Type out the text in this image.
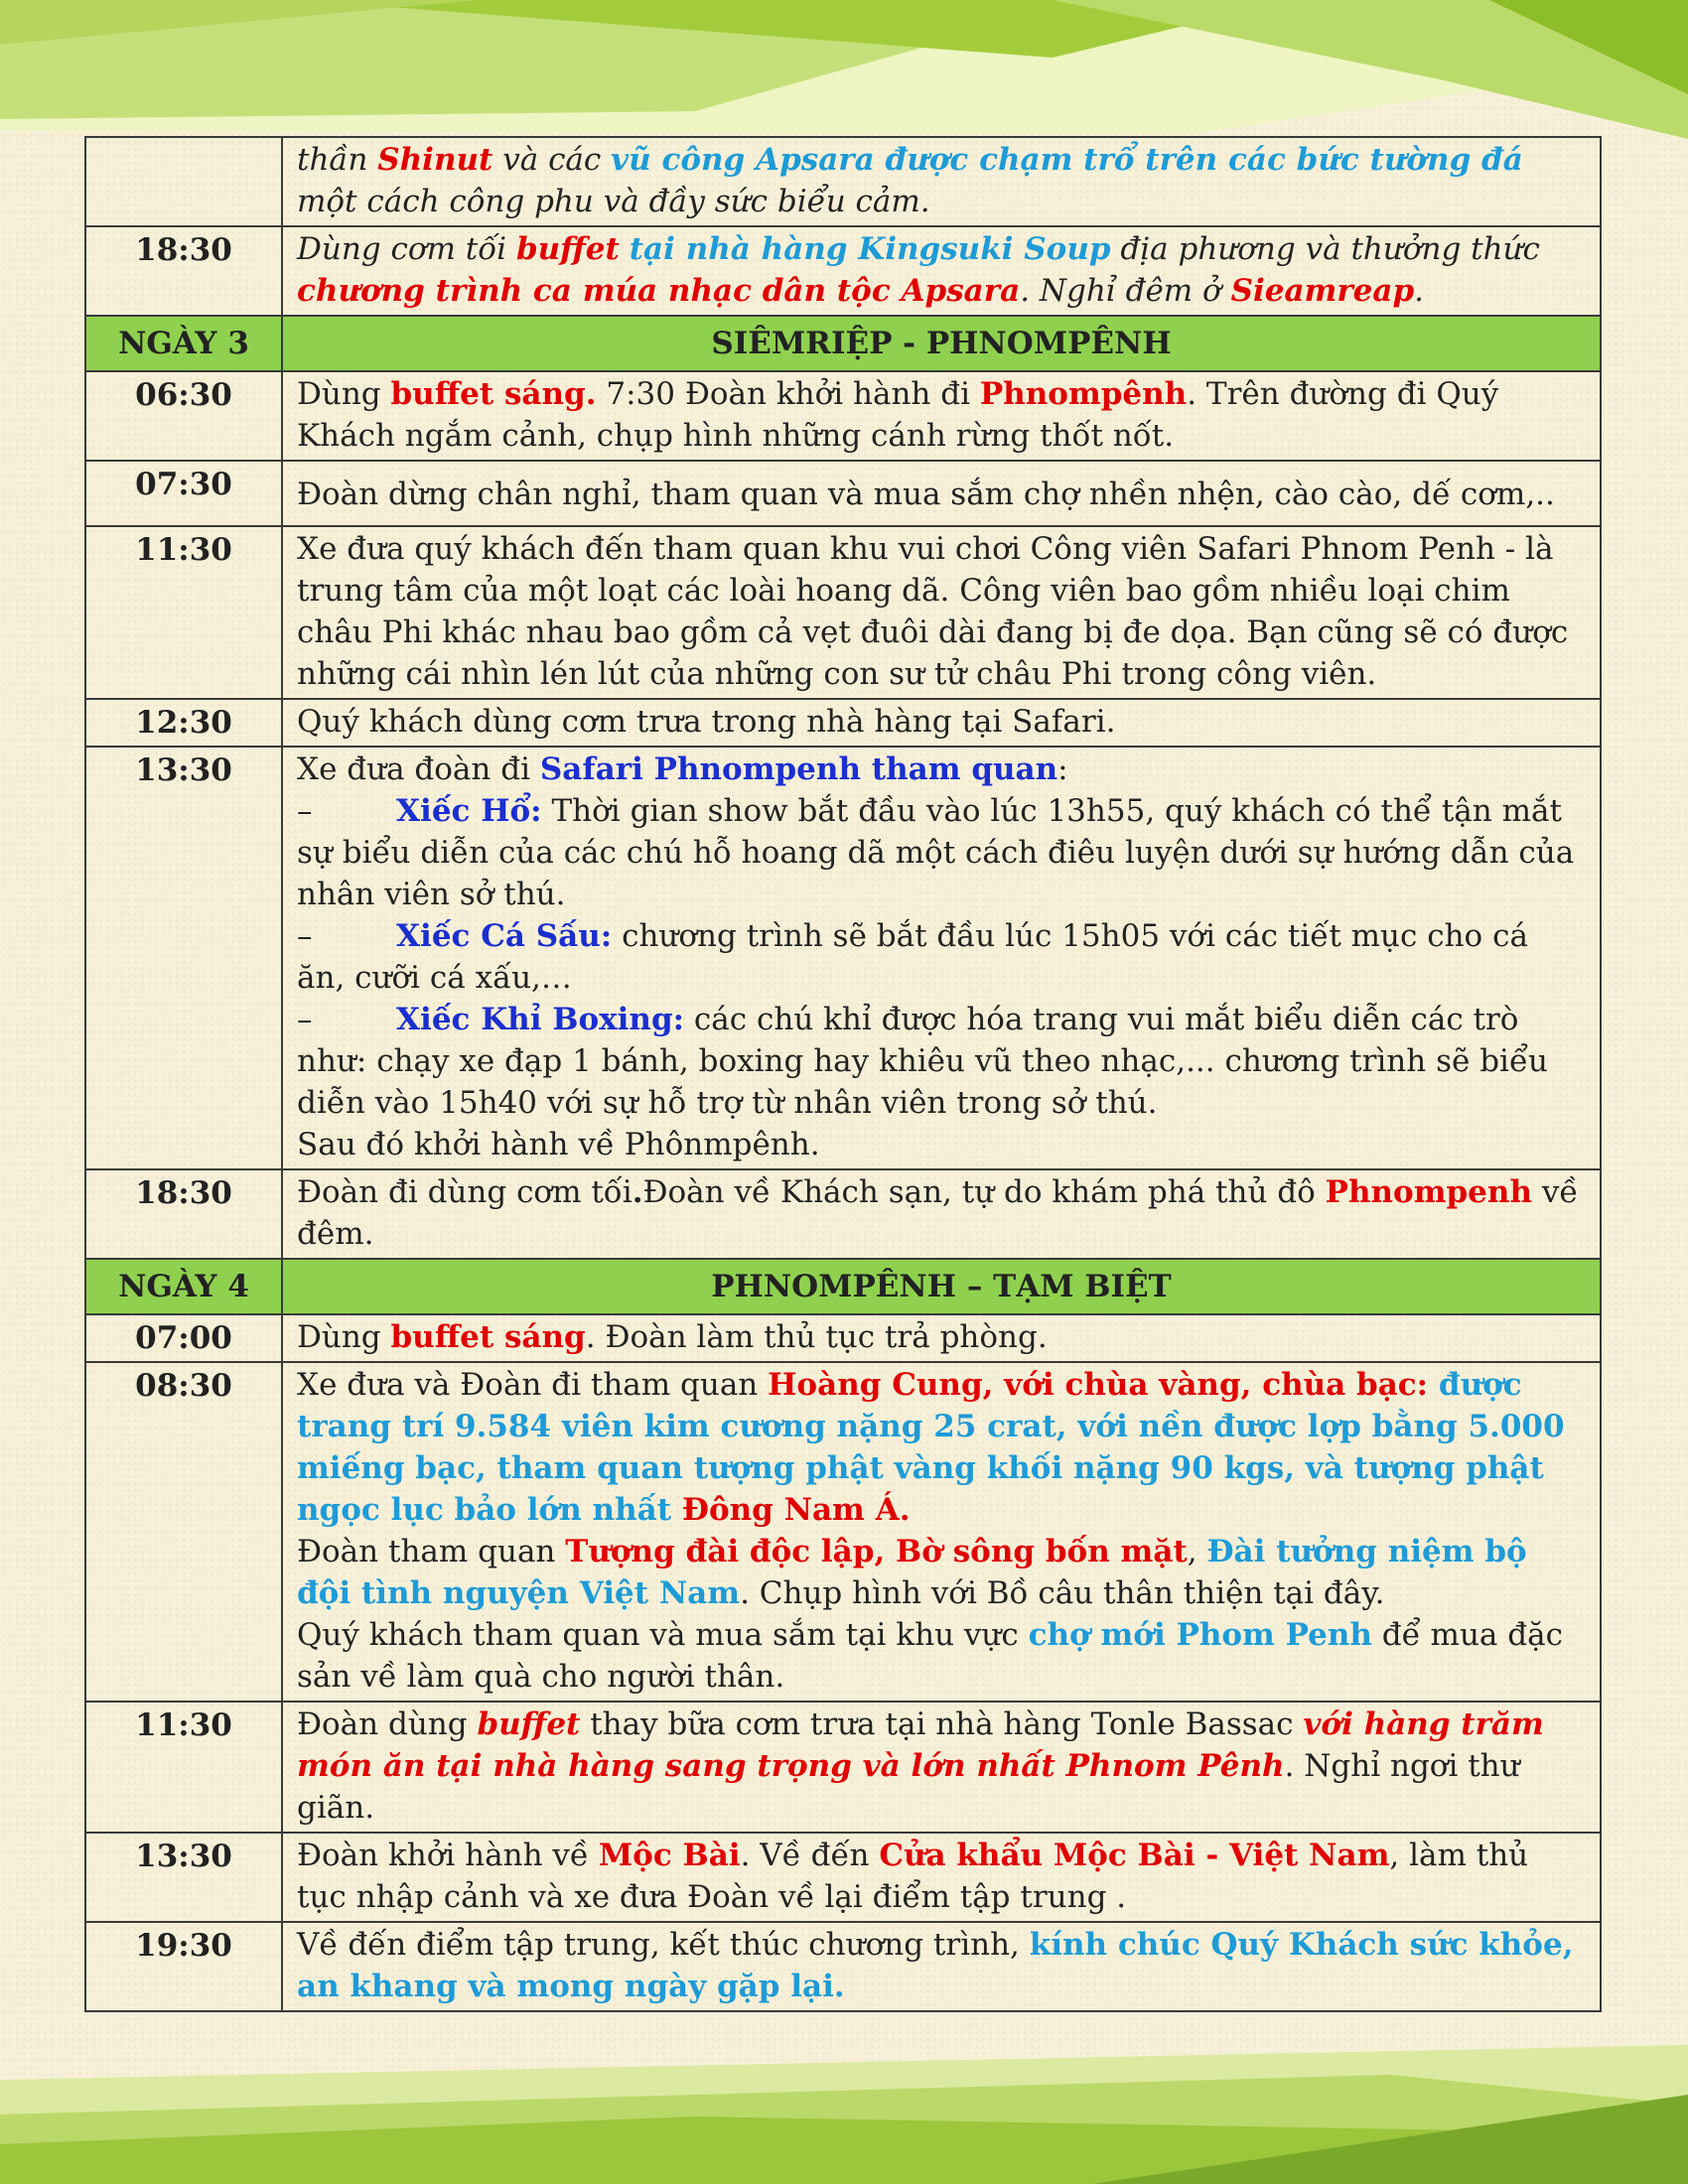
	thần Shinut và các vũ công Apsara được chạm trổ trên các bức tường đá một cách công phu và đầy sức biểu cảm.
18:30	Dùng cơm tối buffet tại nhà hàng Kingsuki Soup địa phương và thưởng thức chương trình ca múa nhạc dân tộc Apsara. Nghỉ đêm ở Sieamreap.
NGÀY 3	SIÊMRIỆP - PHNOMPÊNH
06:30	Dùng buffet sáng. 7:30 Đoàn khởi hành đi Phnompênh. Trên đường đi Quý Khách ngắm cảnh, chụp hình những cánh rừng thốt nốt.
07:30	Đoàn dừng chân nghỉ, tham quan và mua sắm chợ nhền nhện, cào cào, dế cơm,..
11:30	Xe đưa quý khách đến tham quan khu vui chơi Công viên Safari Phnom Penh - là trung tâm của một loạt các loài hoang dã. Công viên bao gồm nhiều loại chim châu Phi khác nhau bao gồm cả vẹt đuôi dài đang bị đe dọa. Bạn cũng sẽ có được những cái nhìn lén lút của những con sư tử châu Phi trong công viên.
12:30	Quý khách dùng cơm trưa trong nhà hàng tại Safari.
13:30	Xe đưa đoàn đi Safari Phnompenh tham quan:
– Xiếc Hổ: Thời gian show bắt đầu vào lúc 13h55, quý khách có thể tận mắt sự biểu diễn của các chú hỗ hoang dã một cách điêu luyện dưới sự hướng dẫn của nhân viên sở thú.
– Xiếc Cá Sấu: chương trình sẽ bắt đầu lúc 15h05 với các tiết mục cho cá ăn, cưỡi cá xấu,…
– Xiếc Khỉ Boxing: các chú khỉ được hóa trang vui mắt biểu diễn các trò như: chạy xe đạp 1 bánh, boxing hay khiêu vũ theo nhạc,... chương trình sẽ biểu diễn vào 15h40 với sự hỗ trợ từ nhân viên trong sở thú.
Sau đó khởi hành về Phônmpênh.

18:30	Đoàn đi dùng cơm tối.Đoàn về Khách sạn, tự do khám phá thủ đô Phnompenh về đêm.
NGÀY 4	PHNOMPÊNH – TẠM BIỆT
07:00	Dùng buffet sáng. Đoàn làm thủ tục trả phòng.
08:30	Xe đưa và Đoàn đi tham quan Hoàng Cung, với chùa vàng, chùa bạc: được trang trí 9.584 viên kim cương nặng 25 crat, với nền được lợp bằng 5.000 miếng bạc, tham quan tượng phật vàng khối nặng 90 kgs, và tượng phật ngọc lục bảo lớn nhất Đông Nam Á.
Đoàn tham quan Tượng đài độc lập, Bờ sông bốn mặt, Đài tưởng niệm bộ đội tình nguyện Việt Nam. Chụp hình với Bồ câu thân thiện tại đây.
Quý khách tham quan và mua sắm tại khu vực chợ mới Phom Penh để mua đặc sản về làm quà cho người thân.

11:30	Đoàn dùng buffet thay bữa cơm trưa tại nhà hàng Tonle Bassac với hàng trăm món ăn tại nhà hàng sang trọng và lớn nhất Phnom Pênh. Nghỉ ngơi thư giãn.
13:30	Đoàn khởi hành về Mộc Bài. Về đến Cửa khẩu Mộc Bài - Việt Nam, làm thủ tục nhập cảnh và xe đưa Đoàn về lại điểm tập trung .
19:30	Về đến điểm tập trung, kết thúc chương trình, kính chúc Quý Khách sức khỏe, an khang và mong ngày gặp lại.
